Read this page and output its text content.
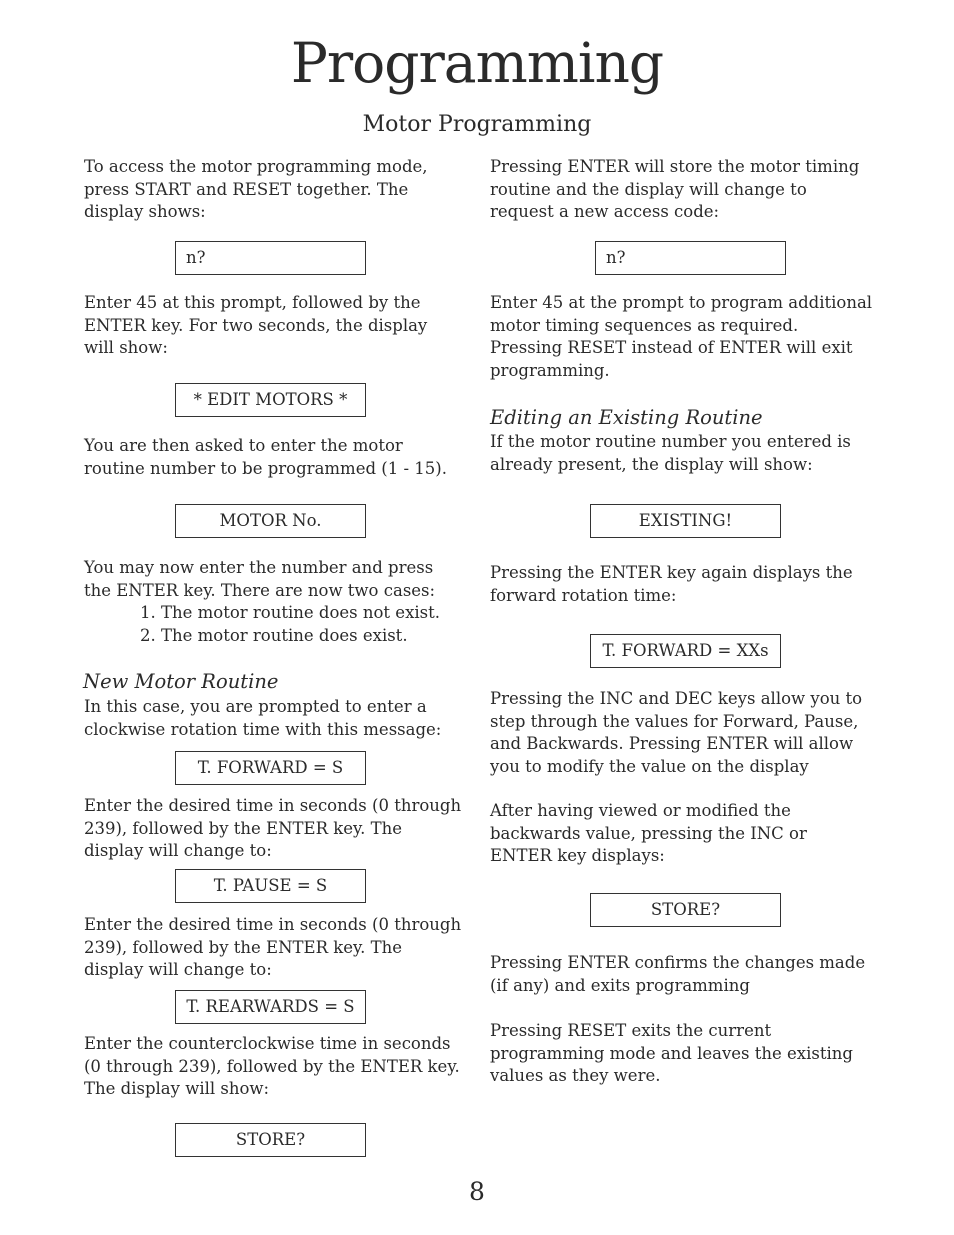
Programming
Motor Programming
To access the motor programming mode, press START and RESET together. The display shows:
n?
Enter 45 at this prompt, followed by the ENTER key. For two seconds, the display will show:
* EDIT MOTORS *
You are then asked to enter the motor routine number to be programmed (1 - 15).
MOTOR No.
You may now enter the number and press the ENTER key. There are now two cases:
1. The motor routine does not exist.
2. The motor routine does exist.
New Motor Routine
In this case, you are prompted to enter a clockwise rotation time with this message:
T. FORWARD = S
Enter the desired time in seconds (0 through 239), followed by the ENTER key. The display will change to:
T. PAUSE = S
Enter the desired time in seconds (0 through 239), followed by the ENTER key. The display will change to:
T. REARWARDS = S
Enter the counterclockwise time in seconds (0 through 239), followed by the ENTER key. The display will show:
STORE?
Pressing ENTER will store the motor timing routine and the display will change to request a new access code:
n?
Enter 45 at the prompt to program additional motor timing sequences as required. Pressing RESET instead of ENTER will exit programming.
Editing an Existing Routine
If the motor routine number you entered is already present, the display will show:
EXISTING!
Pressing the ENTER key again displays the forward rotation time:
T. FORWARD = XXs
Pressing the INC and DEC keys allow you to step through the values for Forward, Pause, and Backwards. Pressing ENTER will allow you to modify the value on the display
After having viewed or modified the backwards value, pressing the INC or ENTER key displays:
STORE?
Pressing ENTER confirms the changes made (if any) and exits programming
Pressing RESET exits the current programming mode and leaves the existing values as they were.
8
